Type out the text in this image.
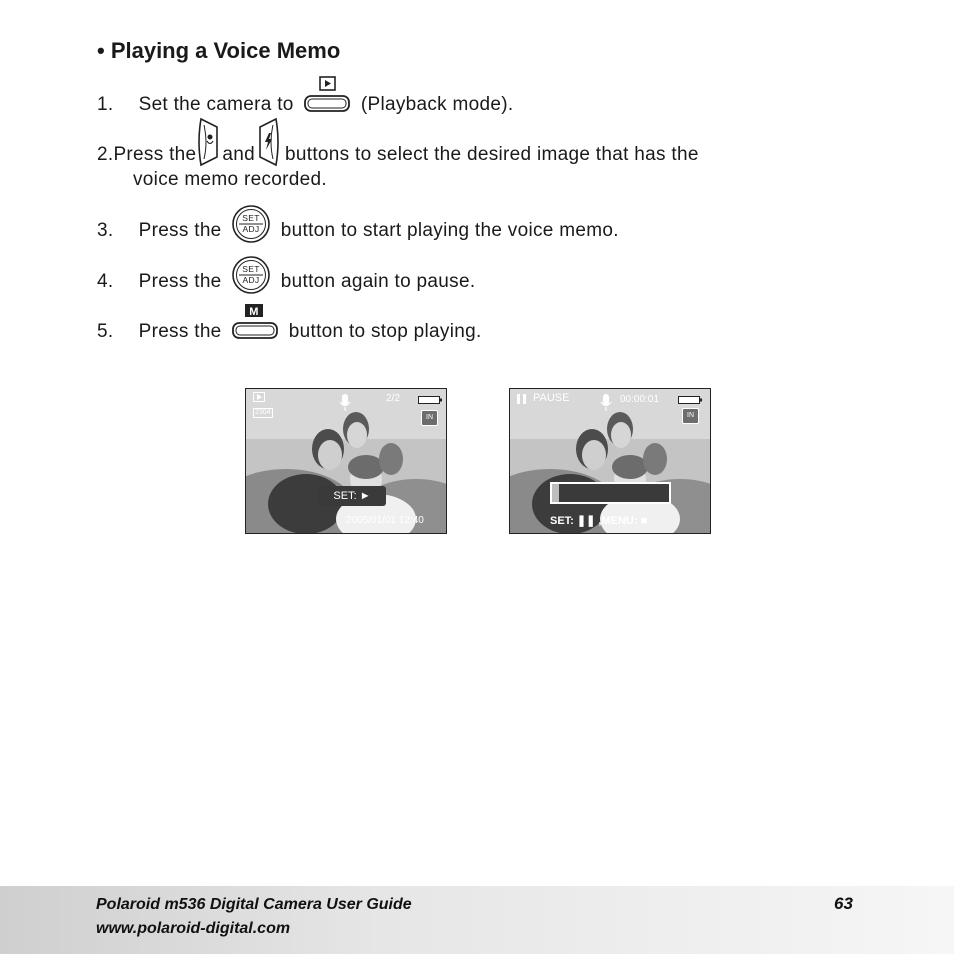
• Playing a Voice Memo
1. Set the camera to	(Playback mode).
2. Press the and buttons to select the desired image that has the
voice memo recorded.
3. Press the
SET
ADJ button to start playing the voice memo.
4. Press the
SET
ADJ button again to pause.
5. Press the
M
button to stop playing.
2304
2/2
IN
SET: ►
2005/01/01 12:40
PAUSE	00:00:01
IN
SET: ❚❚ ,MENU: ■
Polaroid m536 Digital Camera User Guide
www.polaroid-digital.com
63
